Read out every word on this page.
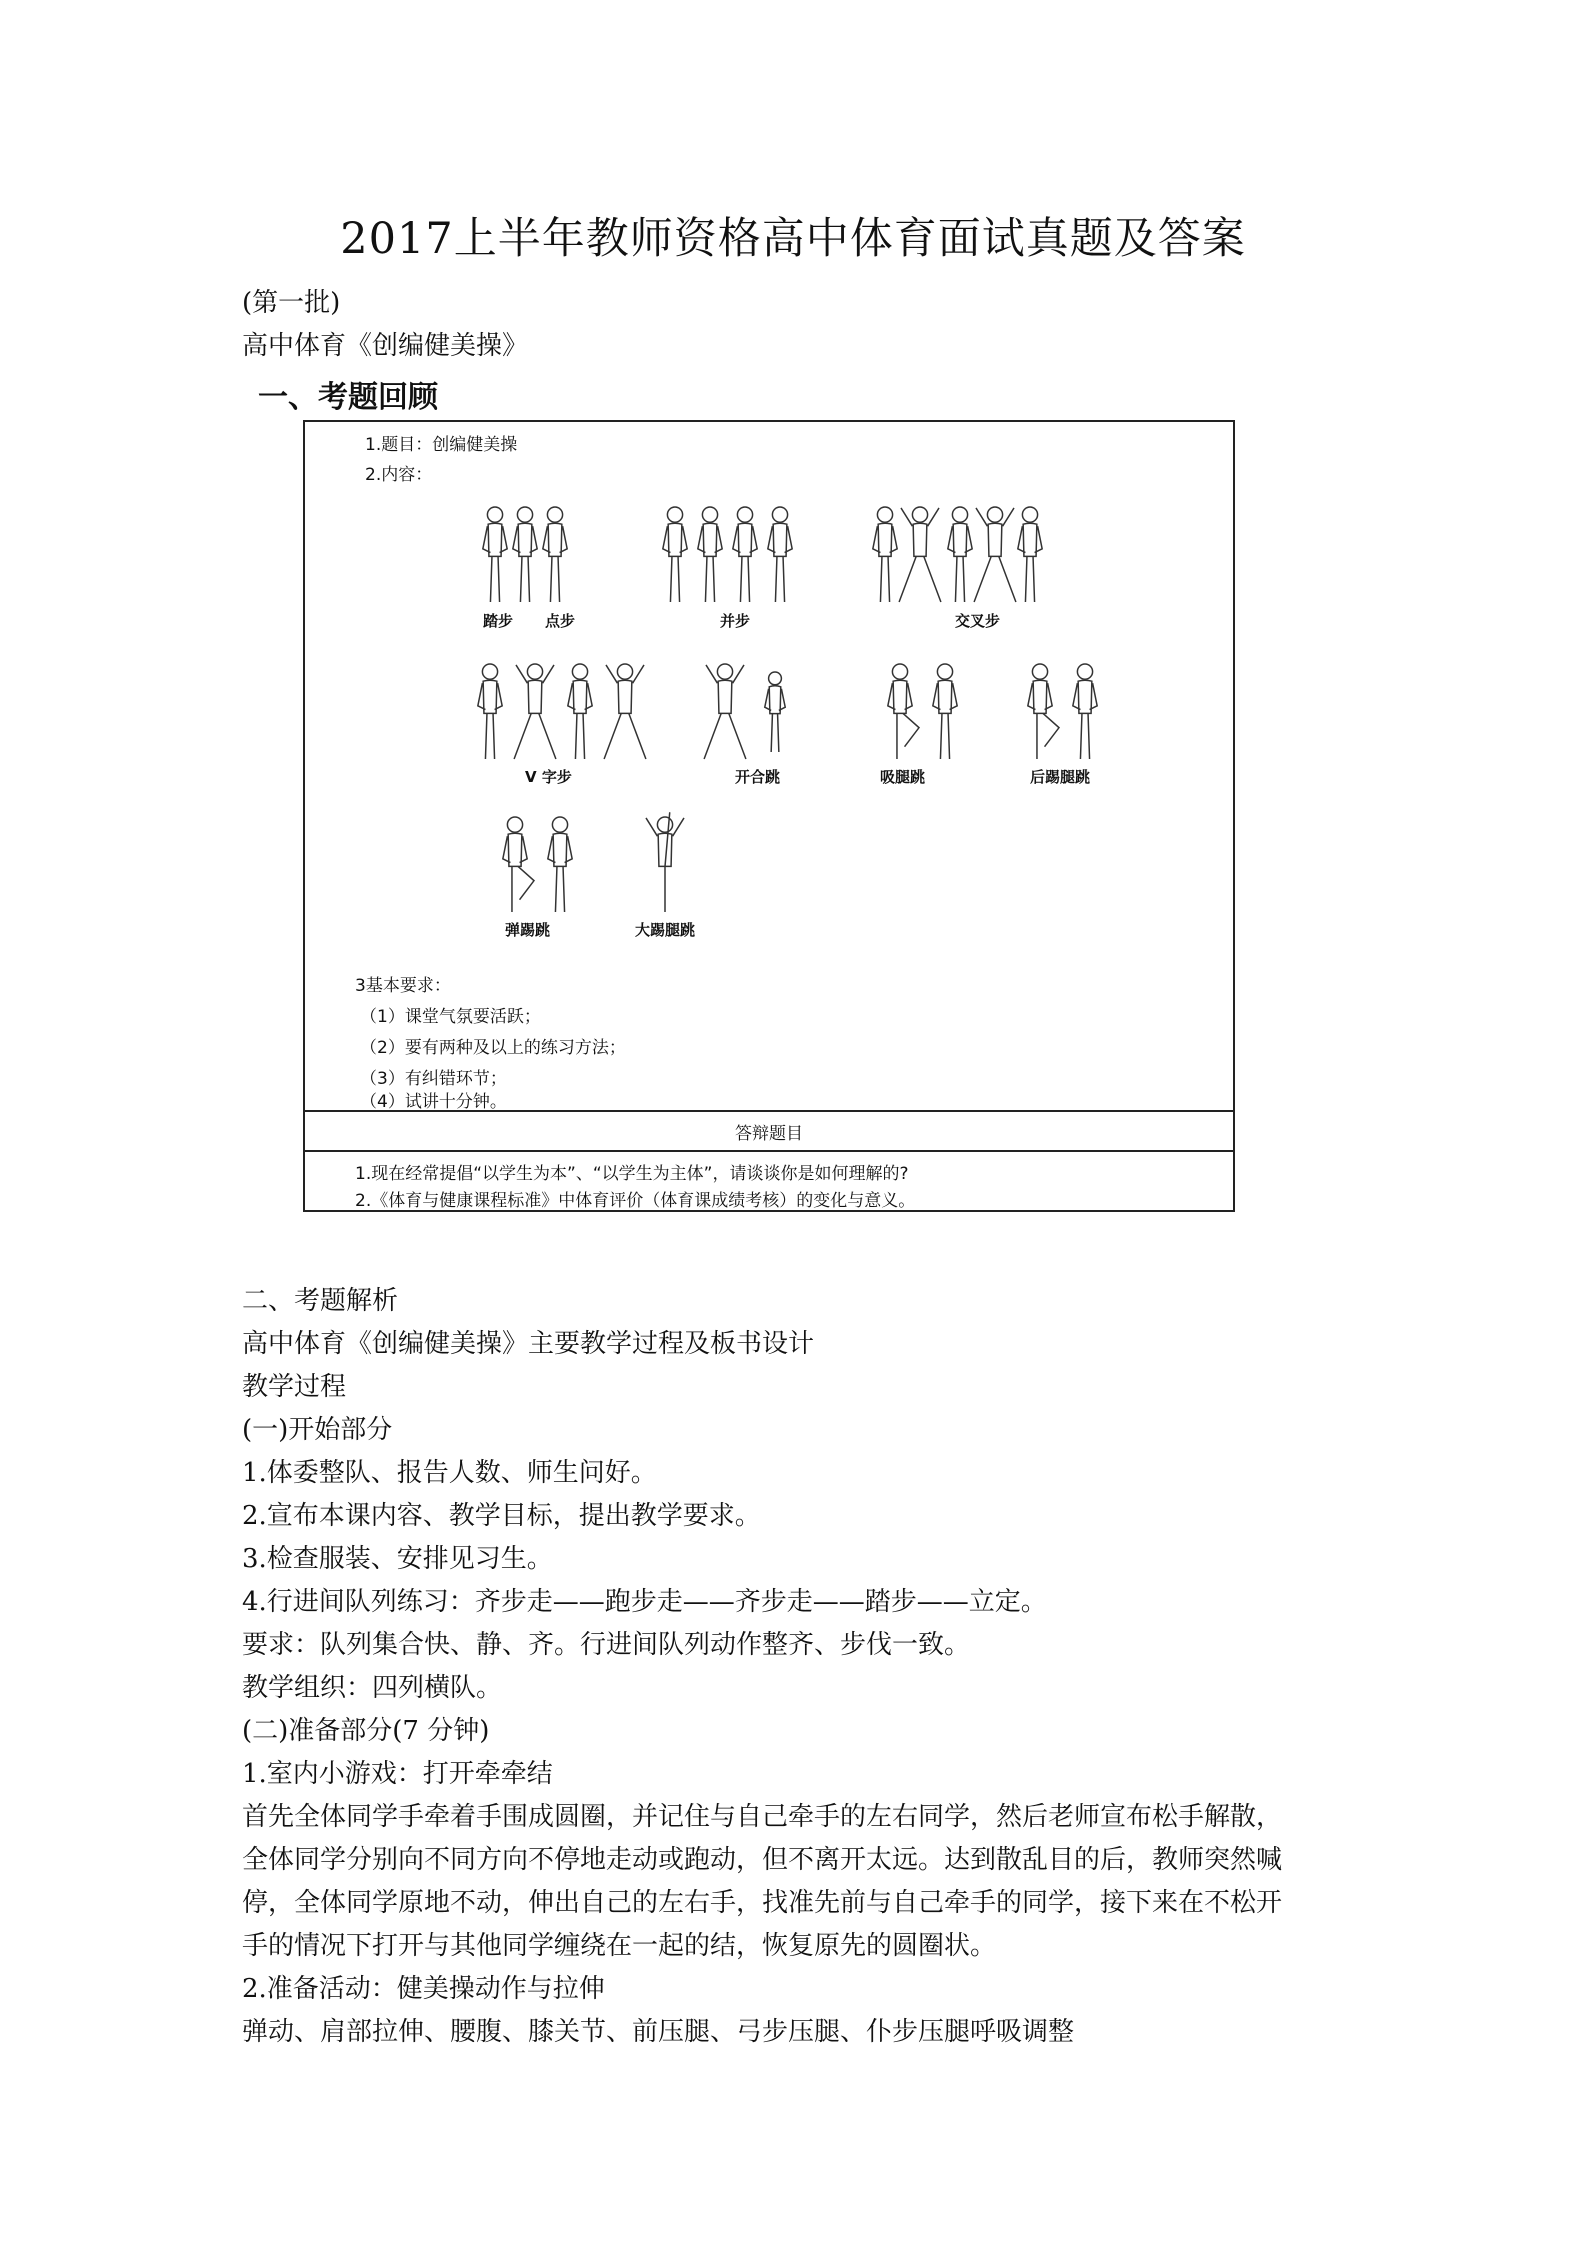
2017上半年教师资格高中体育面试真题及答案
(第一批)
高中体育《创编健美操》
一、考题回顾
1.题目：创编健美操
2.内容：
踏步 点步	并步	交叉步
V 字步	开合跳	吸腿跳	后踢腿跳
弹踢跳	大踢腿跳
3基本要求：
（1）课堂气氛要活跃；
（2）要有两种及以上的练习方法；
（3）有纠错环节；
（4）试讲十分钟。
答辩题目
1.现在经常提倡“以学生为本”、“以学生为主体”，请谈谈你是如何理解的?
2.《体育与健康课程标准》中体育评价（体育课成绩考核）的变化与意义。
二、考题解析
高中体育《创编健美操》主要教学过程及板书设计
教学过程
(一)开始部分
1.体委整队、报告人数、师生问好。
2.宣布本课内容、教学目标，提出教学要求。
3.检查服装、安排见习生。
4.行进间队列练习：齐步走——跑步走——齐步走——踏步——立定。
要求：队列集合快、静、齐。行进间队列动作整齐、步伐一致。
教学组织：四列横队。
(二)准备部分(7 分钟)
1.室内小游戏：打开牵牵结
首先全体同学手牵着手围成圆圈，并记住与自己牵手的左右同学，然后老师宣布松手解散，
全体同学分别向不同方向不停地走动或跑动，但不离开太远。达到散乱目的后，教师突然喊
停，全体同学原地不动，伸出自己的左右手，找准先前与自己牵手的同学，接下来在不松开
手的情况下打开与其他同学缠绕在一起的结，恢复原先的圆圈状。
2.准备活动：健美操动作与拉伸
弹动、肩部拉伸、腰腹、膝关节、前压腿、弓步压腿、仆步压腿呼吸调整
